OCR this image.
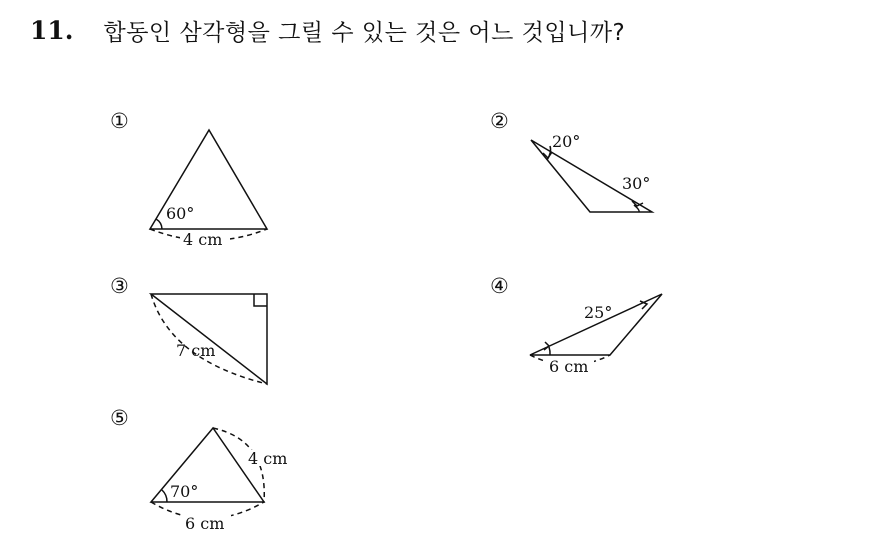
11. 합동인 삼각형을 그릴 수 있는 것은 어느 것입니까?
①	②
③	④
⑤
60°
4 cm
20°
30°
7 cm
25°
6 cm
4 cm
70°
6 cm
